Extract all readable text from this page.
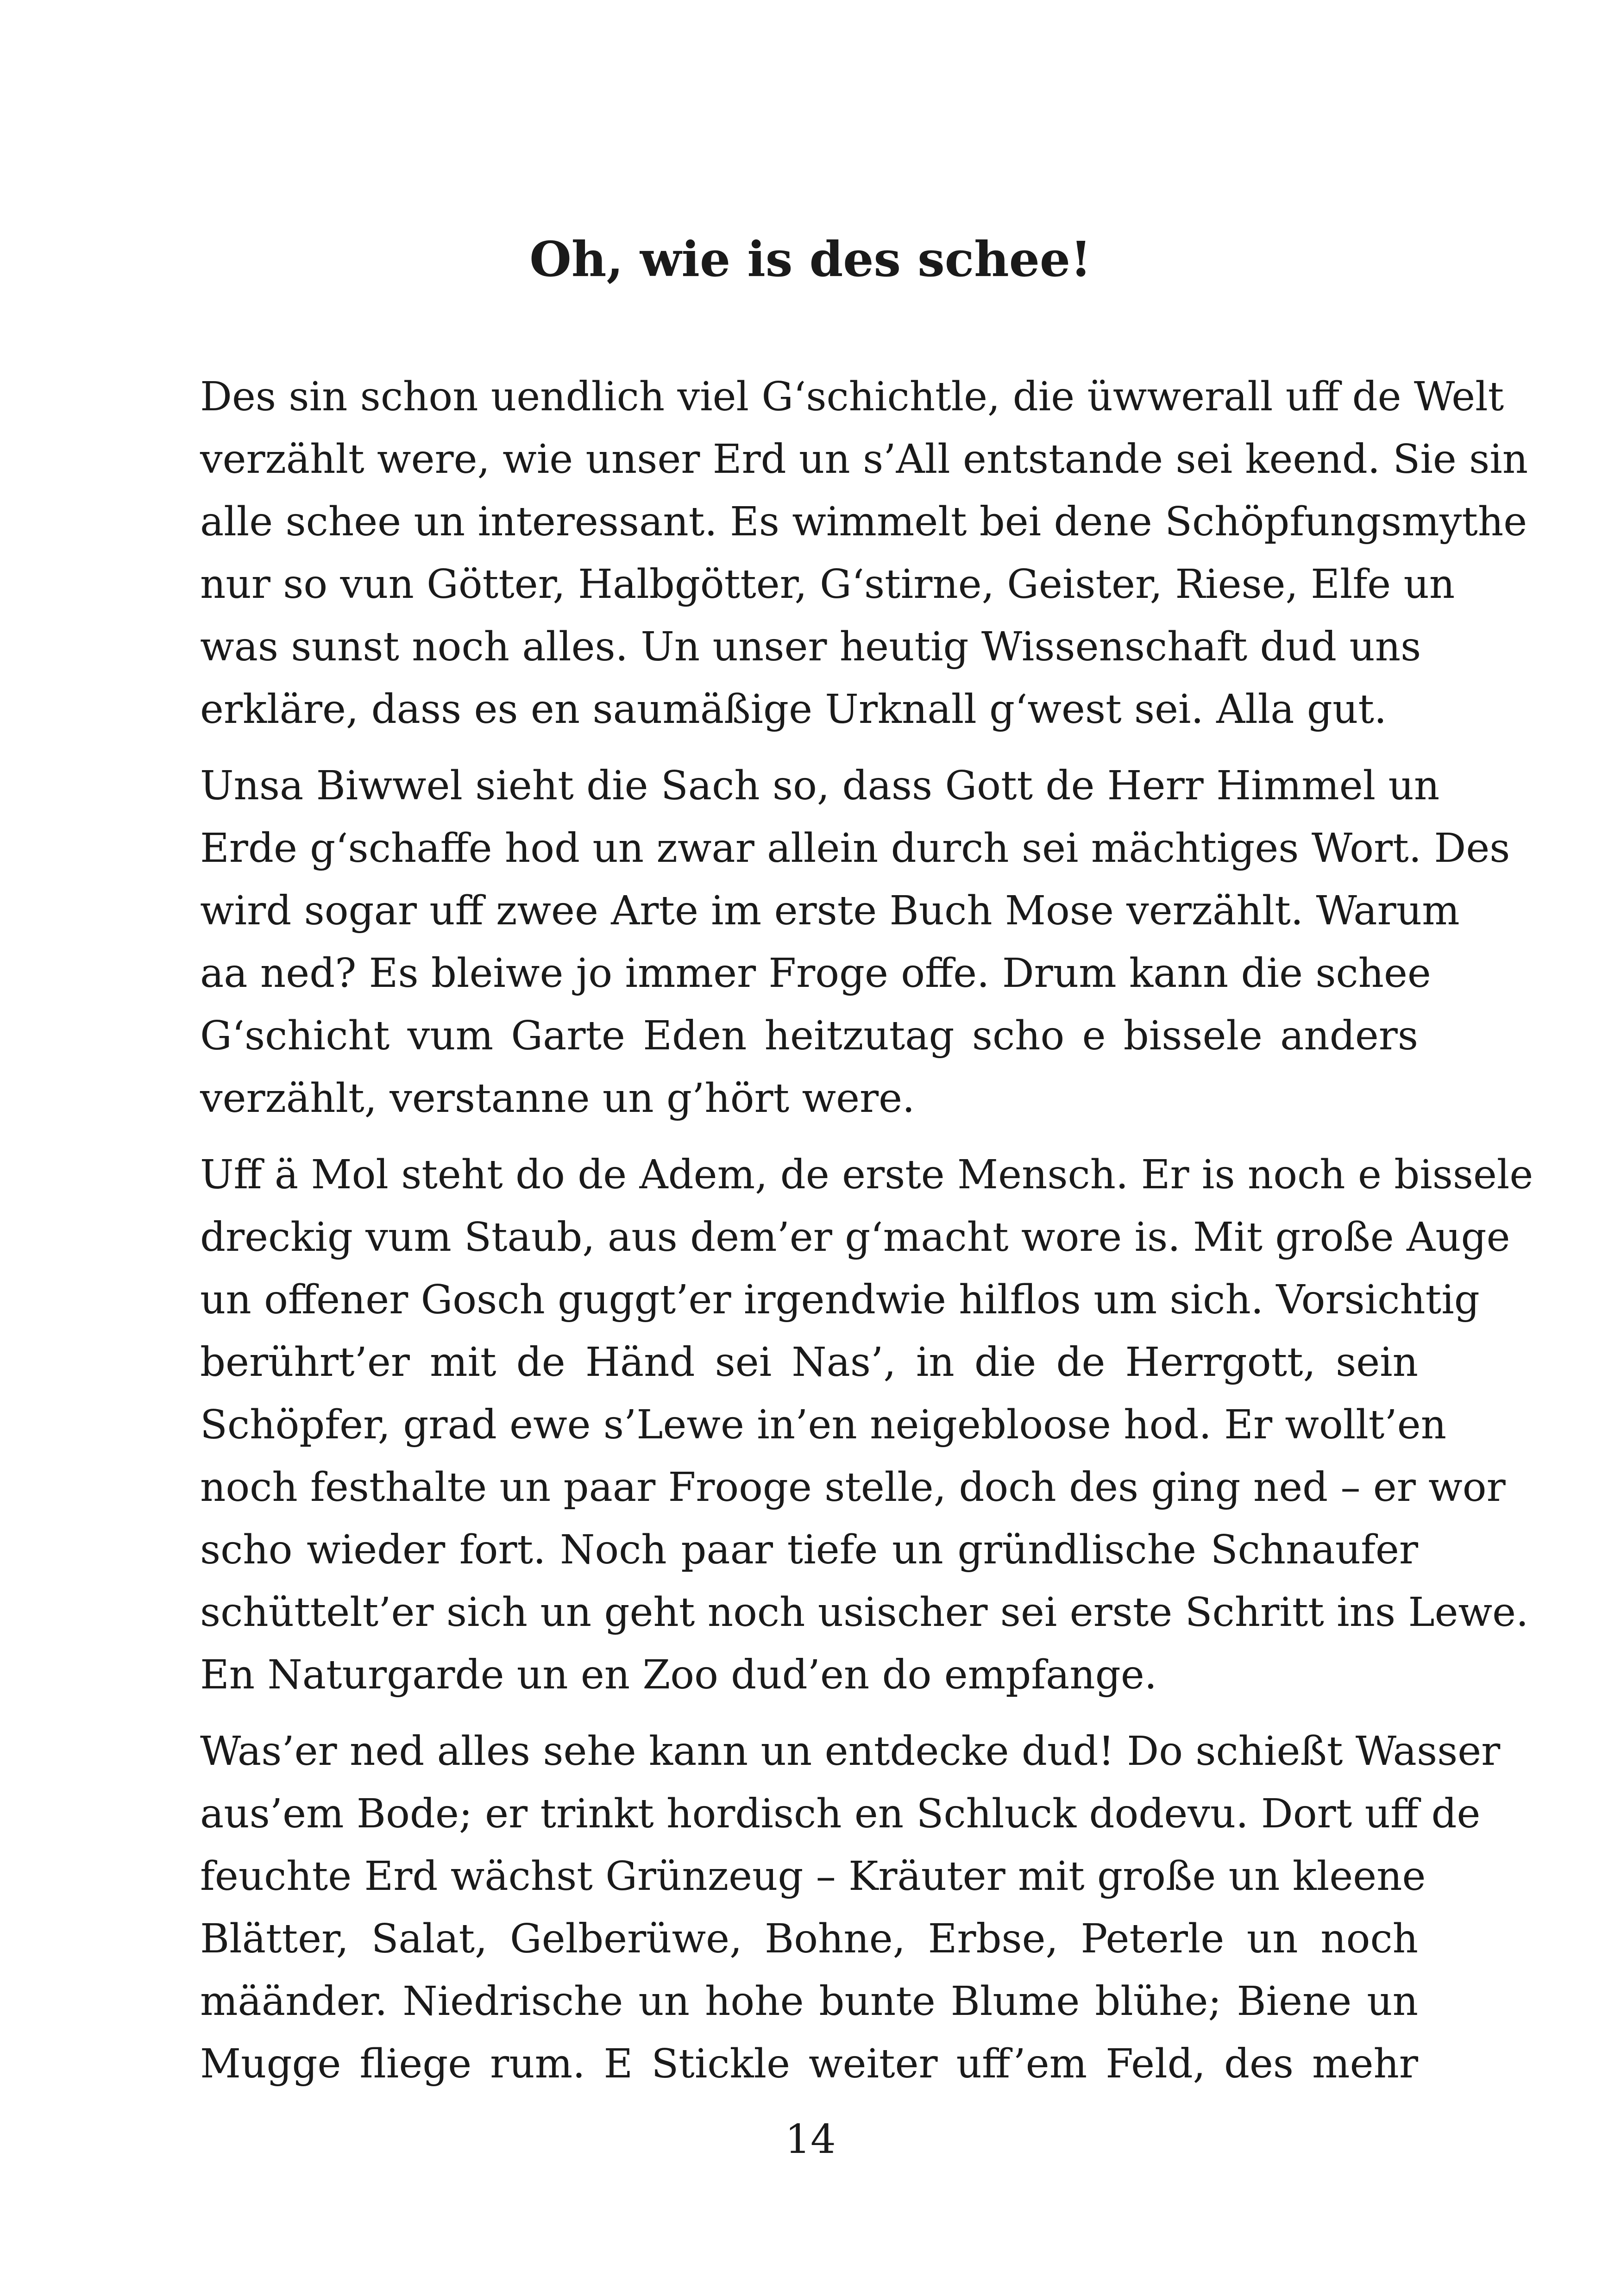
Oh, wie is des schee!

Des sin schon uendlich viel G‘schichtle, die üwwerall uff de Welt
verzählt were, wie unser Erd un s’All entstande sei keend. Sie sin
alle schee un interessant. Es wimmelt bei dene Schöpfungsmythe
nur so vun Götter, Halbgötter, G‘stirne, Geister, Riese, Elfe un
was sunst noch alles. Un unser heutig Wissenschaft dud uns
erkläre, dass es en saumäßige Urknall g‘west sei. Alla gut.

Unsa Biwwel sieht die Sach so, dass Gott de Herr Himmel un
Erde g‘schaffe hod un zwar allein durch sei mächtiges Wort. Des
wird sogar uff zwee Arte im erste Buch Mose verzählt. Warum
aa ned? Es bleiwe jo immer Froge offe. Drum kann die schee
G‘schicht vum Garte Eden heitzutag scho e bissele anders
verzählt, verstanne un g’hört were.

Uff ä Mol steht do de Adem, de erste Mensch. Er is noch e bissele
dreckig vum Staub, aus dem’er g‘macht wore is. Mit große Auge
un offener Gosch guggt’er irgendwie hilflos um sich. Vorsichtig
berührt’er mit de Händ sei Nas’, in die de Herrgott, sein
Schöpfer, grad ewe s’Lewe in’en neigebloose hod. Er wollt’en
noch festhalte un paar Frooge stelle, doch des ging ned – er wor
scho wieder fort. Noch paar tiefe un gründlische Schnaufer
schüttelt’er sich un geht noch usischer sei erste Schritt ins Lewe.
En Naturgarde un en Zoo dud’en do empfange.

Was’er ned alles sehe kann un entdecke dud! Do schießt Wasser
aus’em Bode; er trinkt hordisch en Schluck dodevu. Dort uff de
feuchte Erd wächst Grünzeug – Kräuter mit große un kleene
Blätter, Salat, Gelberüwe, Bohne, Erbse, Peterle un noch
määnder. Niedrische un hohe bunte Blume blühe; Biene un
Mugge fliege rum. E Stickle weiter uff’em Feld, des mehr

14
